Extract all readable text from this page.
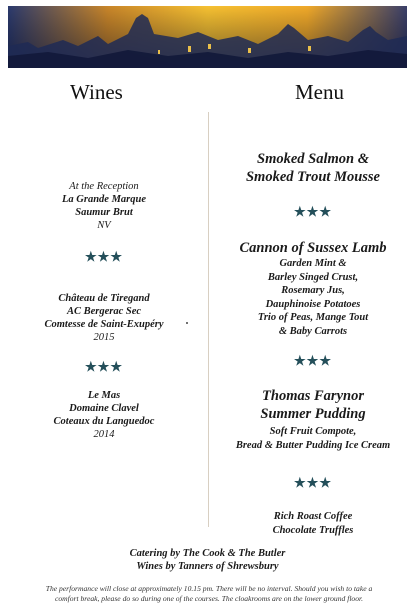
Wines	Menu
At the Reception
La Grande Marque
Saumur Brut
NV
★★★
Château de Tiregand
AC Bergerac Sec
Comtesse de Saint-Exupéry
2015
★★★
Le Mas
Domaine Clavel
Coteaux du Languedoc
2014
Smoked Salmon &
Smoked Trout Mousse
★★★
Cannon of Sussex Lamb
Garden Mint &
Barley Singed Crust,
Rosemary Jus,
Dauphinoise Potatoes
Trio of Peas, Mange Tout
& Baby Carrots
★★★
Thomas Farynor
Summer Pudding
Soft Fruit Compote,
Bread & Butter Pudding Ice Cream
★★★
Rich Roast Coffee
Chocolate Truffles
Catering by The Cook & The Butler
Wines by Tanners of Shrewsbury
The performance will close at approximately 10.15 pm. There will be no interval. Should you wish to take a
comfort break, please do so during one of the courses. The cloakrooms are on the lower ground floor.
